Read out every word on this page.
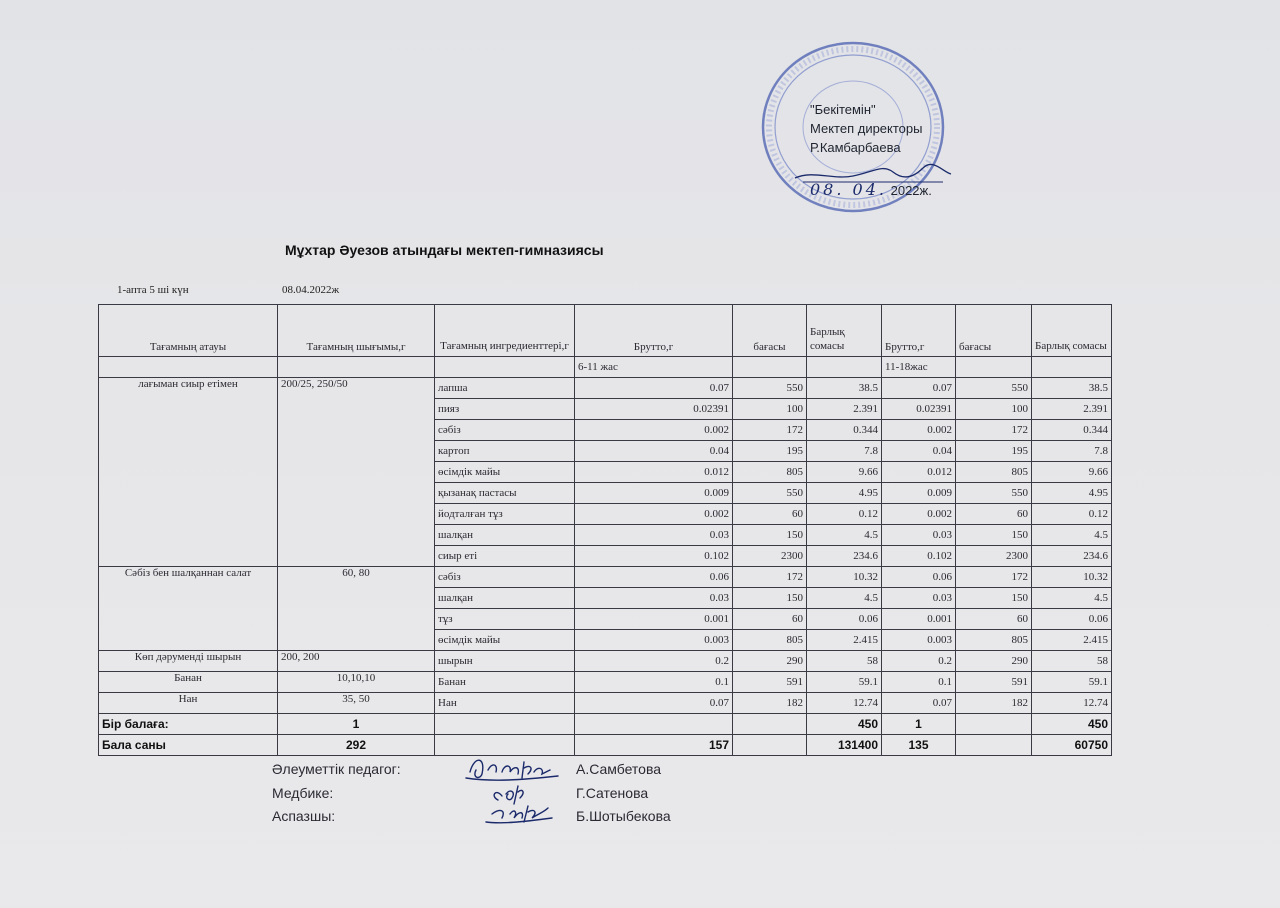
"Бекітемін"
Мектеп директоры
Р.Камбарбаева
08. 04. 2022ж.
Мұхтар Әуезов атындағы мектеп-гимназиясы
1-апта 5 ші күн	08.04.2022ж
Тағамның атауы	Тағамның шығымы,г	Тағамның ингредиенттері,г	Брутто,г	бағасы	Барлық сомасы	Брутто,г	бағасы	Барлық сомасы
			6-11 жас			11-18жас		
лағыман сиыр етімен	200/25, 250/50	лапша	0.07	550	38.5	0.07	550	38.5
		пияз	0.02391	100	2.391	0.02391	100	2.391
		сәбіз	0.002	172	0.344	0.002	172	0.344
		картоп	0.04	195	7.8	0.04	195	7.8
		өсімдік майы	0.012	805	9.66	0.012	805	9.66
		қызанақ пастасы	0.009	550	4.95	0.009	550	4.95
		йодталған тұз	0.002	60	0.12	0.002	60	0.12
		шалқан	0.03	150	4.5	0.03	150	4.5
		сиыр еті	0.102	2300	234.6	0.102	2300	234.6
Сәбіз бен шалқаннан салат	60, 80	сәбіз	0.06	172	10.32	0.06	172	10.32
		шалқан	0.03	150	4.5	0.03	150	4.5
		тұз	0.001	60	0.06	0.001	60	0.06
		өсімдік майы	0.003	805	2.415	0.003	805	2.415
Көп дәрумендi шырын	200, 200	шырын	0.2	290	58	0.2	290	58
Банан	10,10,10	Банан	0.1	591	59.1	0.1	591	59.1
Нан	35, 50	Нан	0.07	182	12.74	0.07	182	12.74
Бір балаға:	1				450	1		450
Бала саны	292		157		131400	135		60750
Әлеуметтік педагог:
Медбике:
Аспазшы:
А.Самбетова
Г.Сатенова
Б.Шотыбекова
